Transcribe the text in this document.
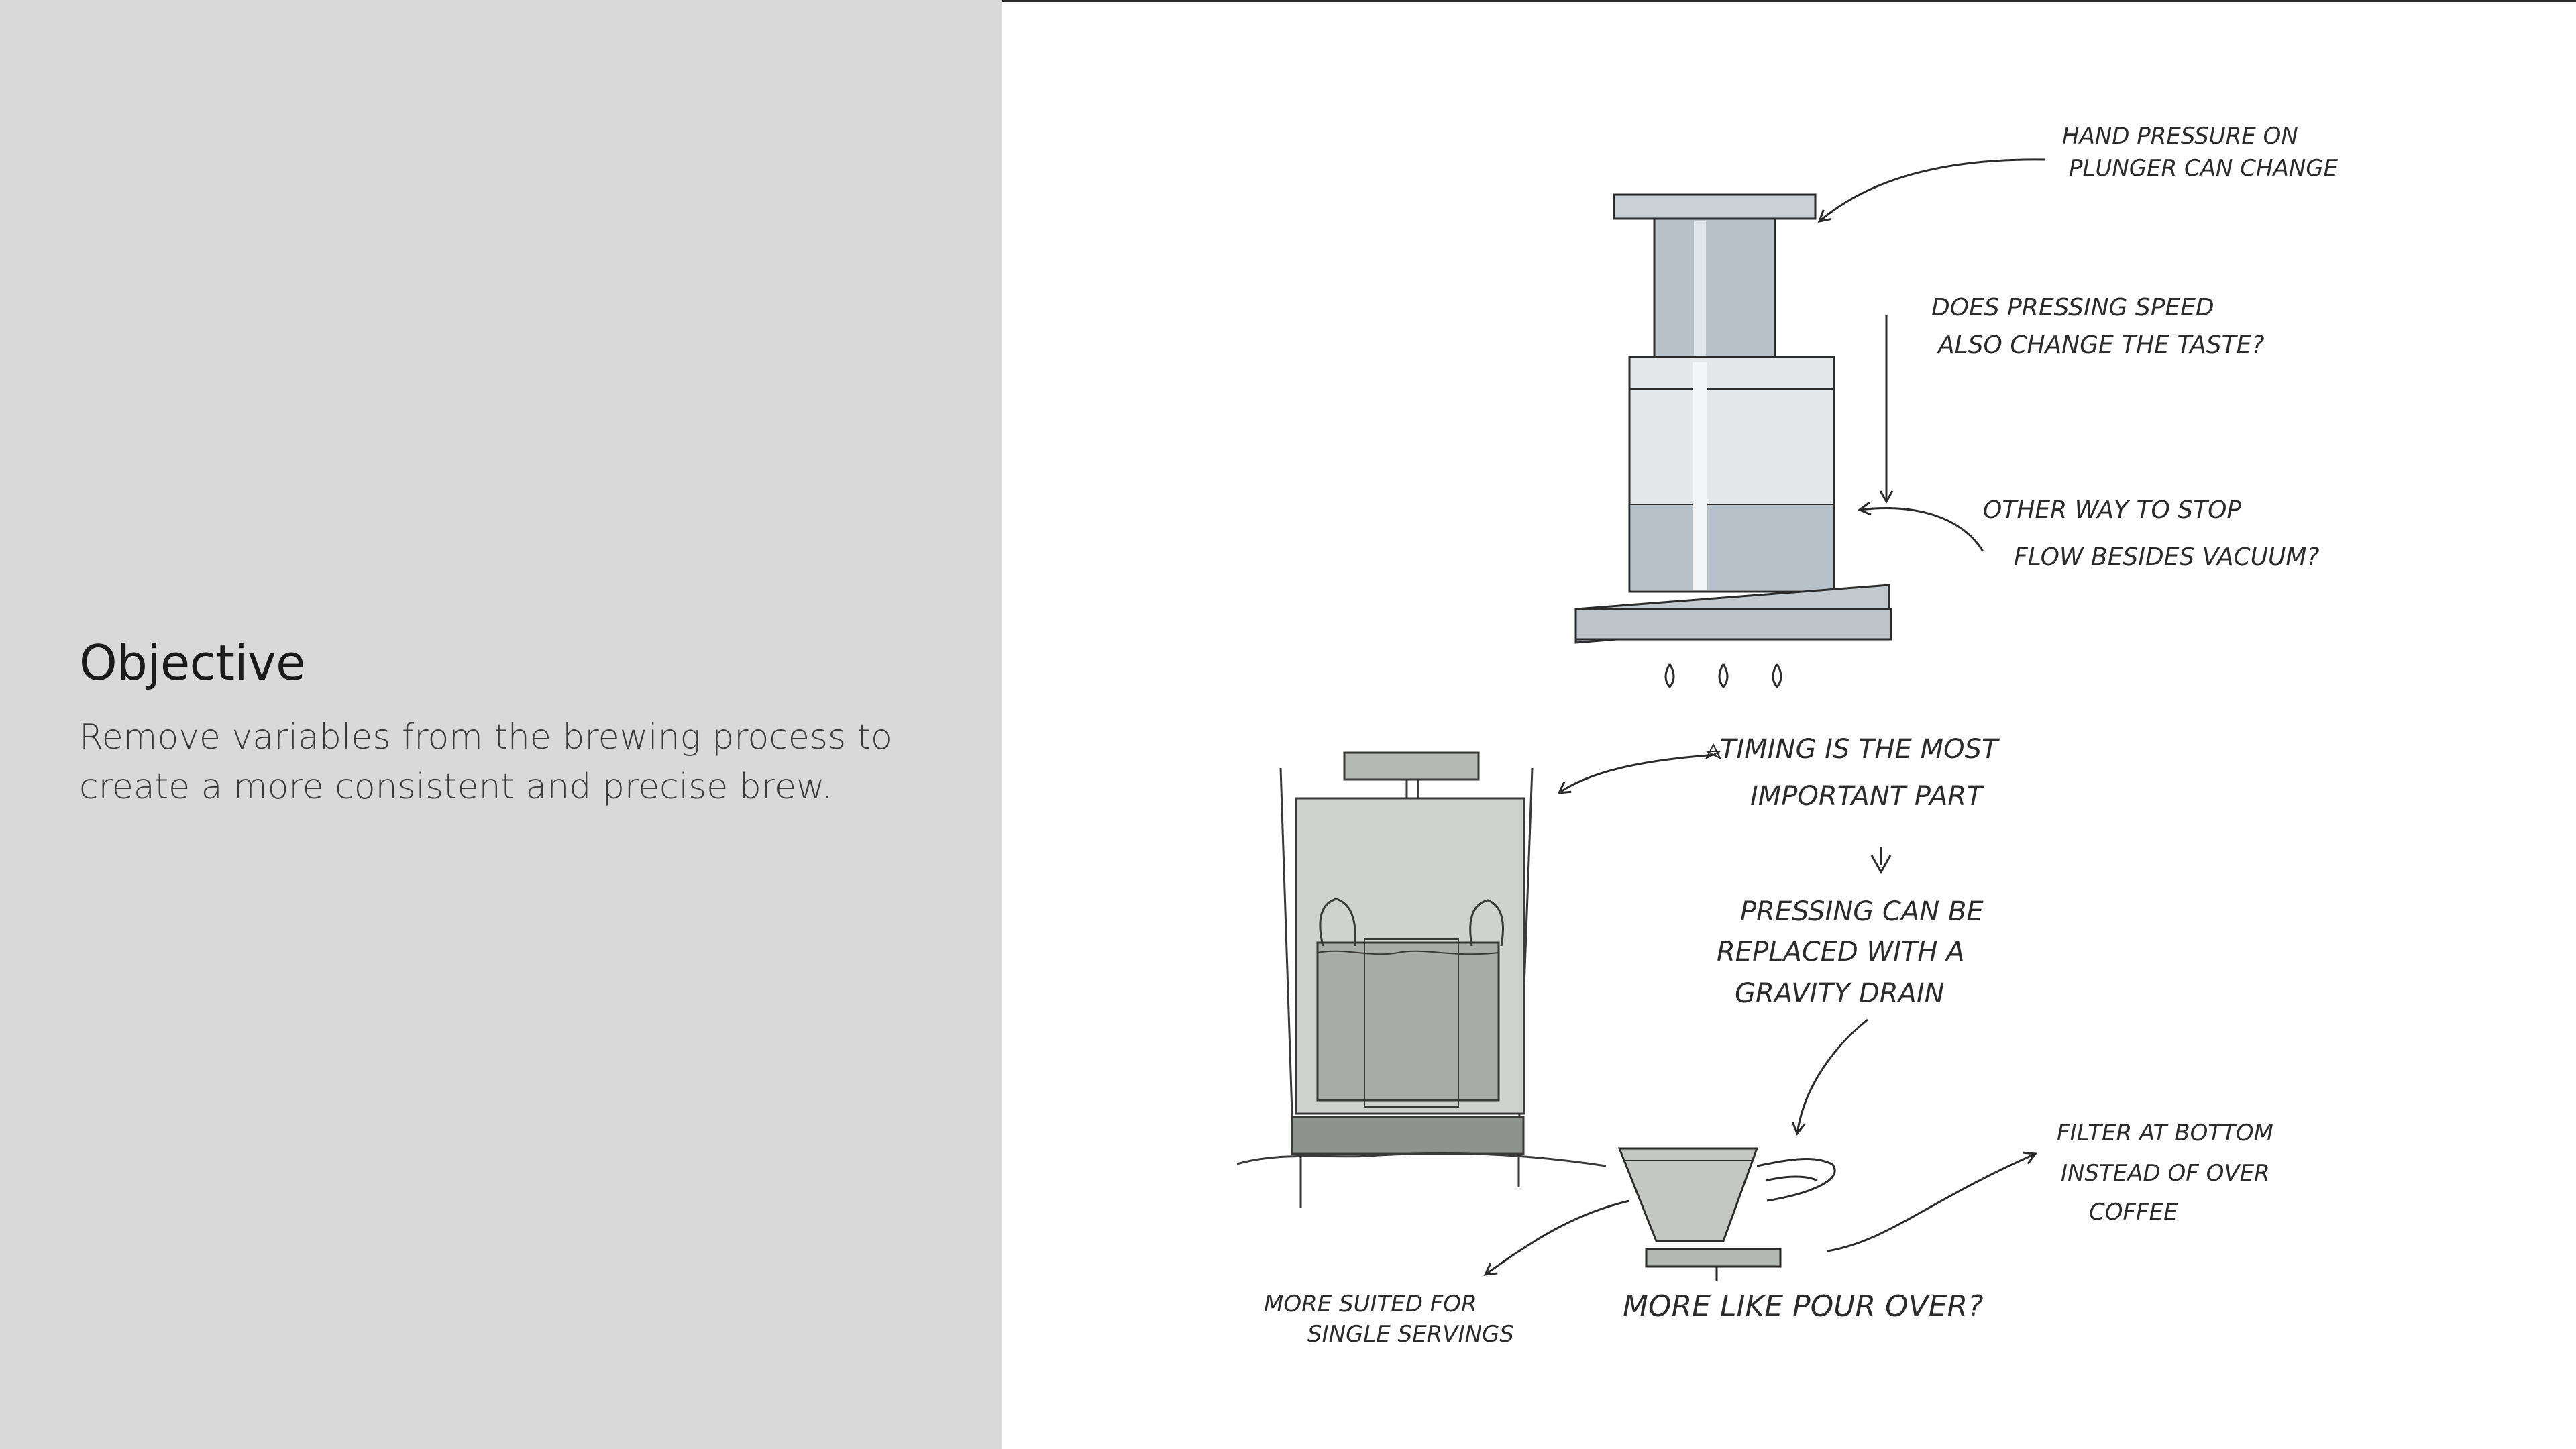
Objective

Remove variables from the brewing process to create a more consistent and precise brew.

HAND PRESSURE ON
PLUNGER CAN CHANGE
DOES PRESSING SPEED
ALSO CHANGE THE TASTE?
OTHER WAY TO STOP
FLOW BESIDES VACUUM?
TIMING IS THE MOST
IMPORTANT PART
PRESSING CAN BE
REPLACED WITH A
GRAVITY DRAIN
FILTER AT BOTTOM
INSTEAD OF OVER
COFFEE
MORE SUITED FOR
SINGLE SERVINGS
MORE LIKE POUR OVER?
